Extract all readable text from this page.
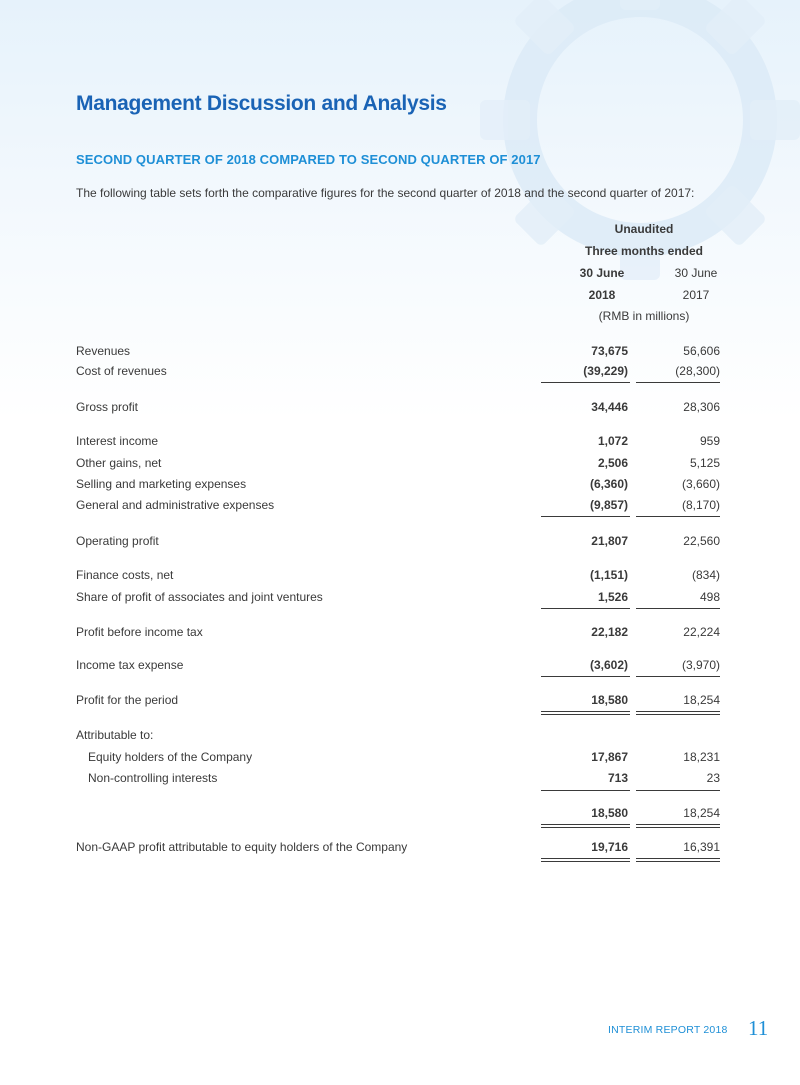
Management Discussion and Analysis
SECOND QUARTER OF 2018 COMPARED TO SECOND QUARTER OF 2017
The following table sets forth the comparative figures for the second quarter of 2018 and the second quarter of 2017:
Unaudited
Three months ended
30 June	30 June
2018	2017
(RMB in millions)
Revenues	73,675	56,606
Cost of revenues	(39,229)	(28,300)
Gross profit	34,446	28,306
Interest income	1,072	959
Other gains, net	2,506	5,125
Selling and marketing expenses	(6,360)	(3,660)
General and administrative expenses	(9,857)	(8,170)
Operating profit	21,807	22,560
Finance costs, net	(1,151)	(834)
Share of profit of associates and joint ventures	1,526	498
Profit before income tax	22,182	22,224
Income tax expense	(3,602)	(3,970)
Profit for the period	18,580	18,254
Attributable to:
Equity holders of the Company	17,867	18,231
Non-controlling interests	713	23
18,580	18,254
Non-GAAP profit attributable to equity holders of the Company	19,716	16,391
INTERIM REPORT 2018 11
